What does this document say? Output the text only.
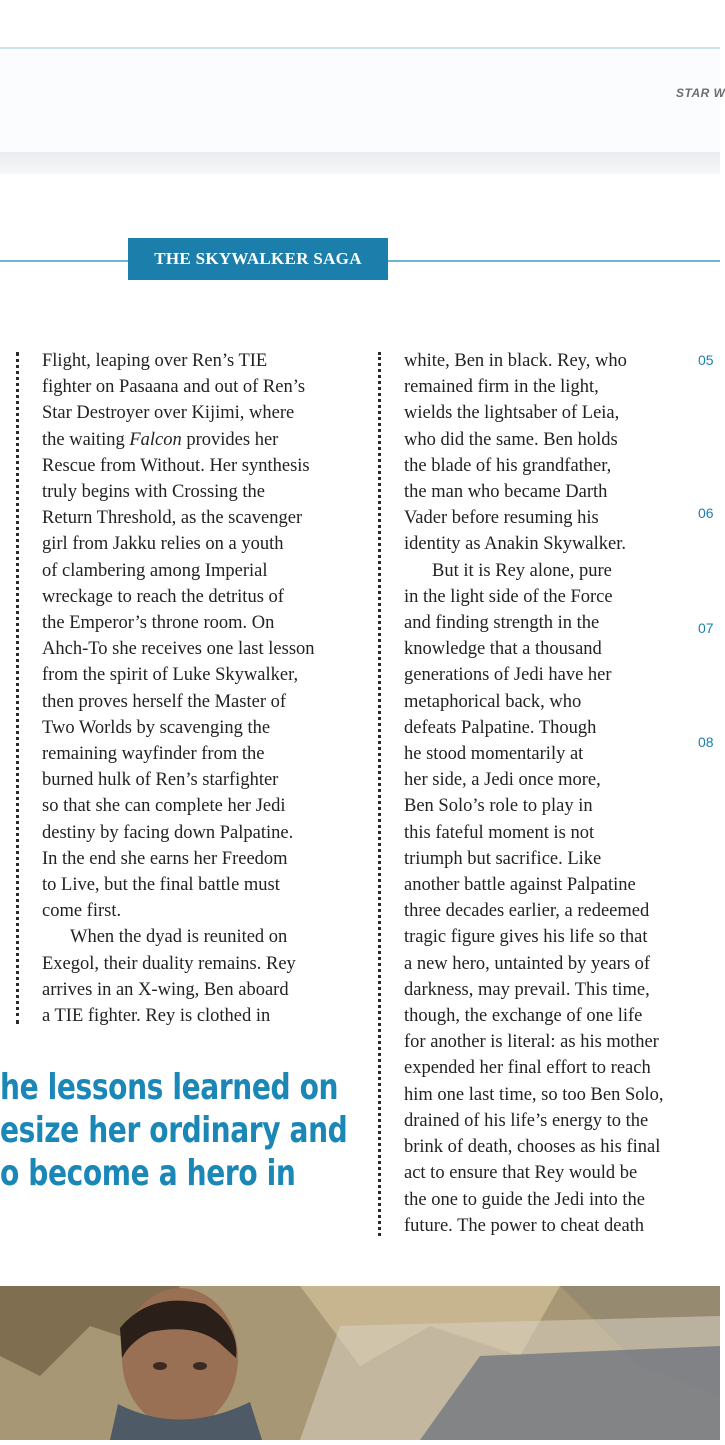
STAR W
THE SKYWALKER SAGA

Flight, leaping over Ren’s TIE

fighter on Pasaana and out of Ren’s

Star Destroyer over Kijimi, where

the waiting Falcon provides her

Rescue from Without. Her synthesis

truly begins with Crossing the

Return Threshold, as the scavenger

girl from Jakku relies on a youth

of clambering among Imperial

wreckage to reach the detritus of

the Emperor’s throne room. On

Ahch-To she receives one last lesson

from the spirit of Luke Skywalker,

then proves herself the Master of

Two Worlds by scavenging the

remaining wayfinder from the

burned hulk of Ren’s starfighter

so that she can complete her Jedi

destiny by facing down Palpatine.

In the end she earns her Freedom

to Live, but the final battle must

come first.

When the dyad is reunited on

Exegol, their duality remains. Rey

arrives in an X-wing, Ben aboard

a TIE fighter. Rey is clothed in

white, Ben in black. Rey, who

remained firm in the light,

wields the lightsaber of Leia,

who did the same. Ben holds

the blade of his grandfather,

the man who became Darth

Vader before resuming his

identity as Anakin Skywalker.

But it is Rey alone, pure

in the light side of the Force

and finding strength in the

knowledge that a thousand

generations of Jedi have her

metaphorical back, who

defeats Palpatine. Though

he stood momentarily at

her side, a Jedi once more,

Ben Solo’s role to play in

this fateful moment is not

triumph but sacrifice. Like

another battle against Palpatine

three decades earlier, a redeemed

tragic figure gives his life so that

a new hero, untainted by years of

darkness, may prevail. This time,

though, the exchange of one life

for another is literal: as his mother

expended her final effort to reach

him one last time, so too Ben Solo,

drained of his life’s energy to the

brink of death, chooses as his final

act to ensure that Rey would be

the one to guide the Jedi into the

future. The power to cheat death

05
06
07
08
he lessons learned on
esize her ordinary and
o become a hero in
